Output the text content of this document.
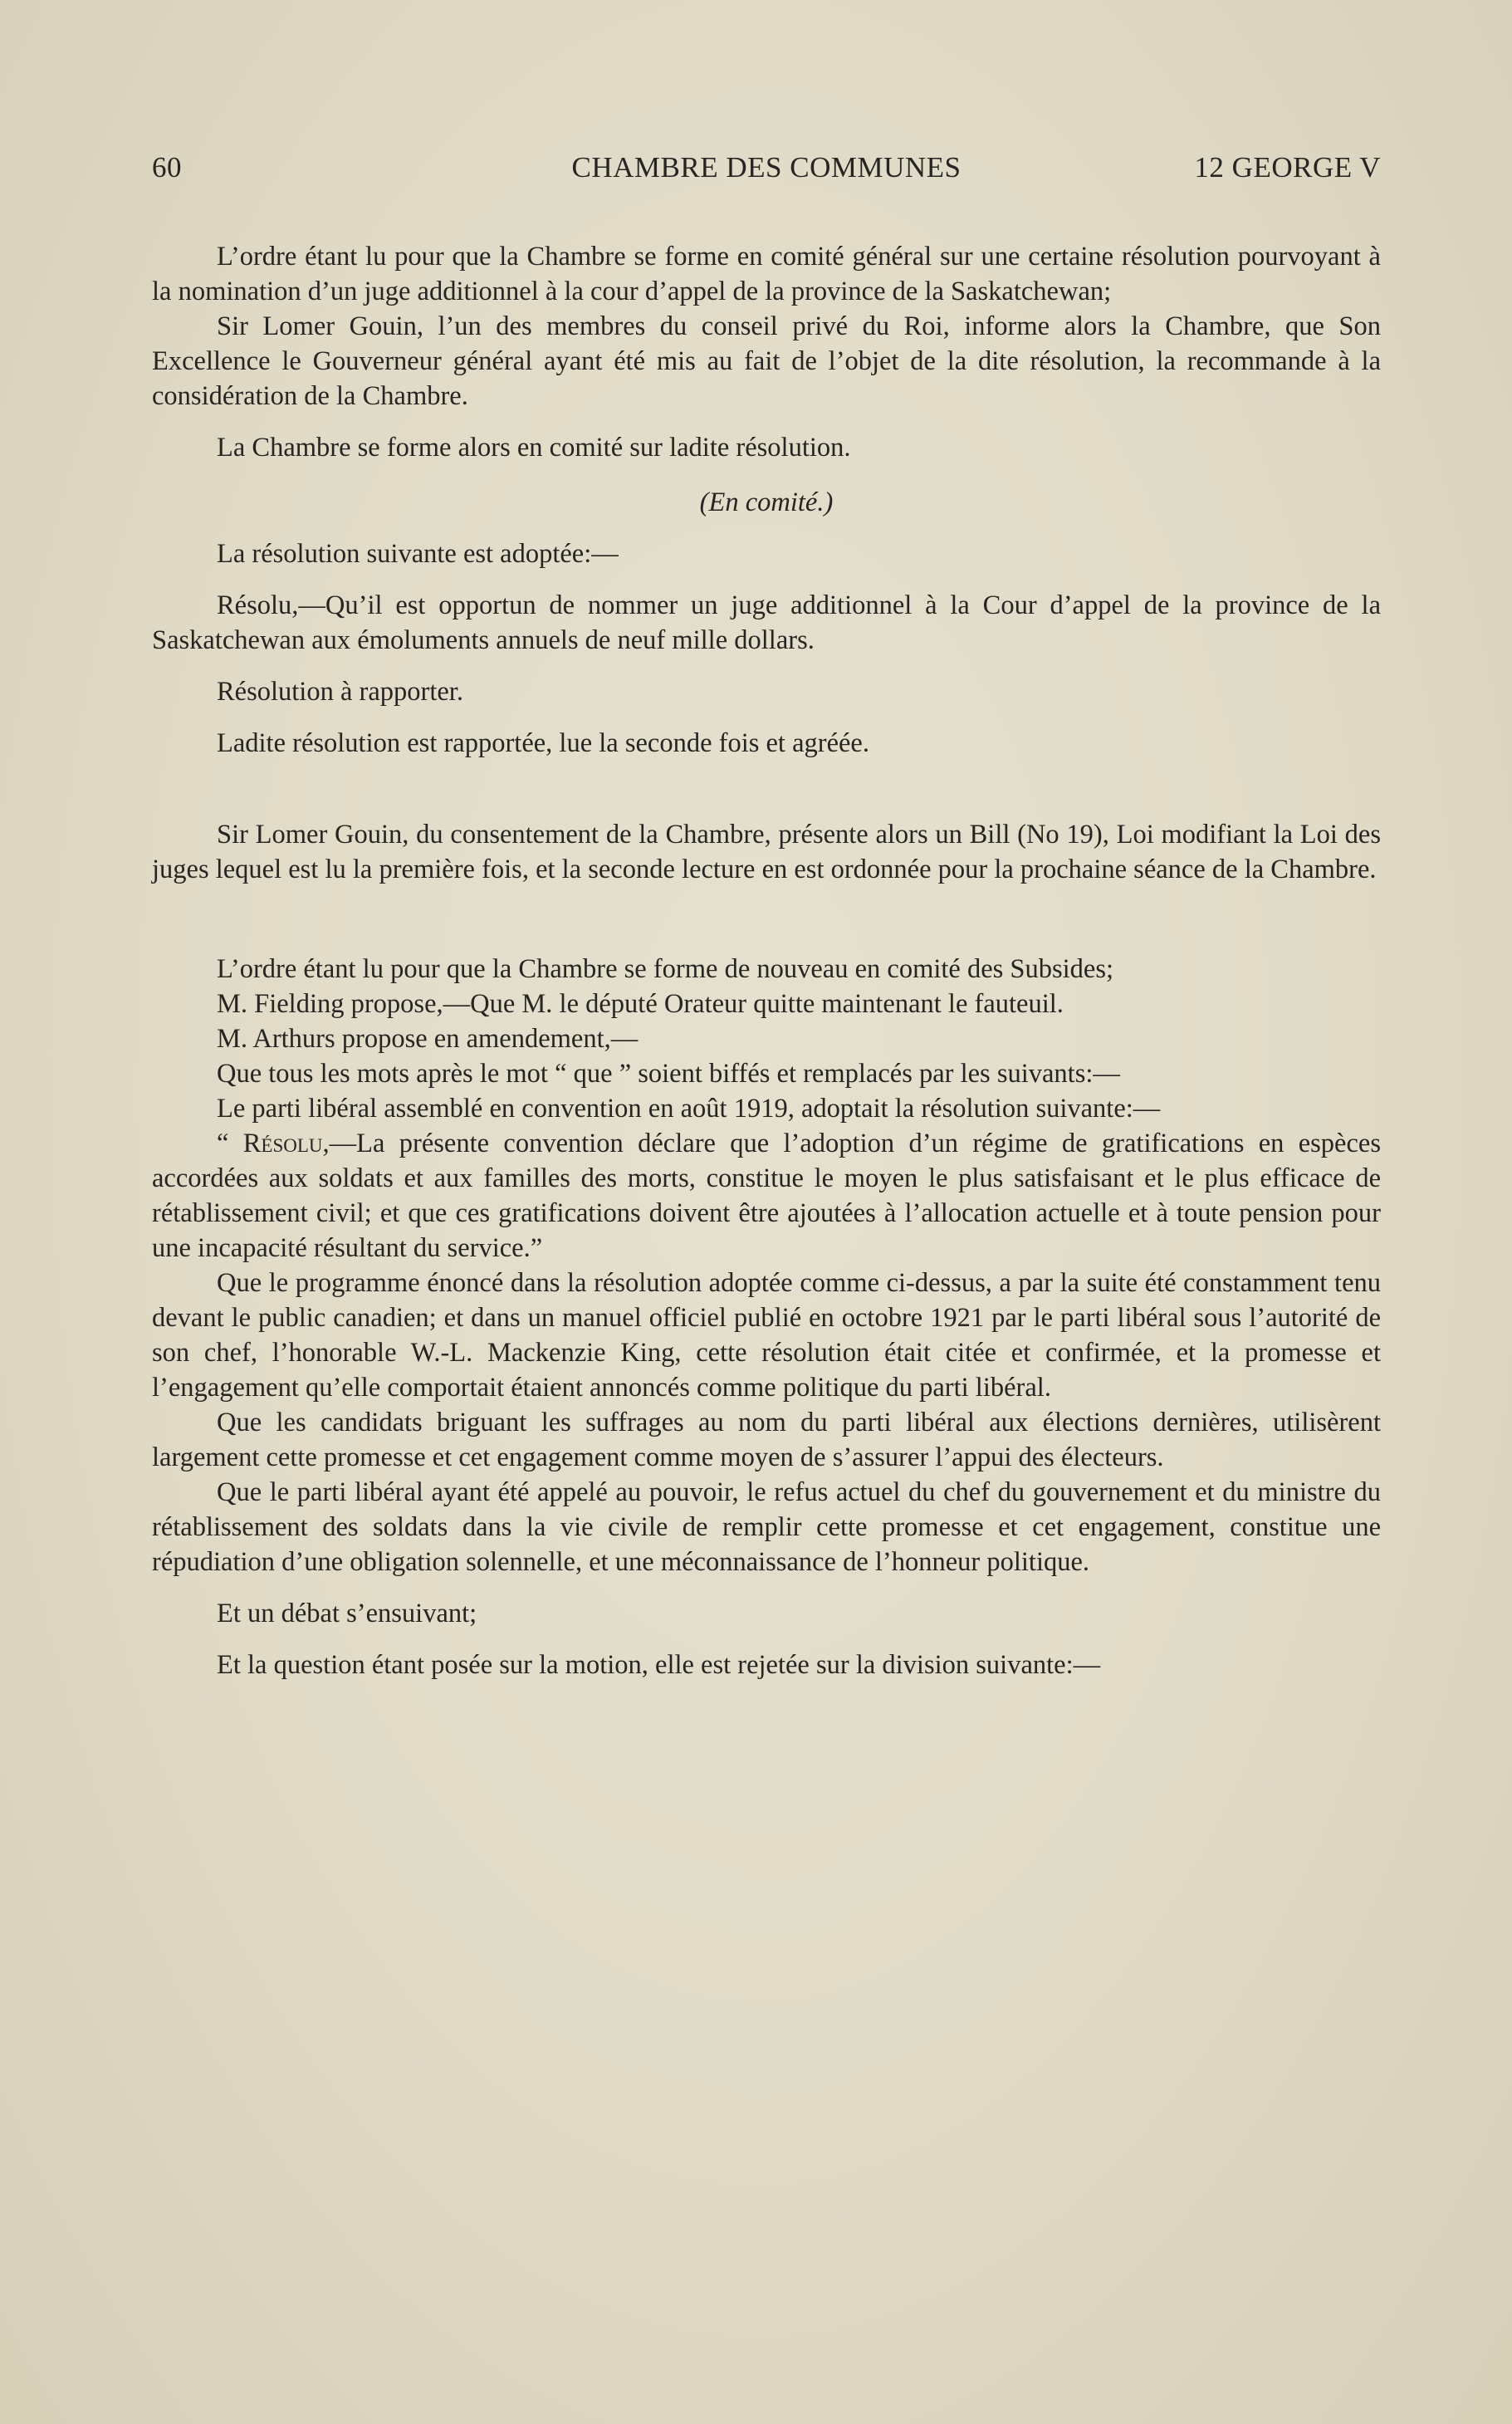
60	CHAMBRE DES COMMUNES	12 GEORGE V

L’ordre étant lu pour que la Chambre se forme en comité général sur une certaine résolution pourvoyant à la nomination d’un juge additionnel à la cour d’appel de la province de la Saskatchewan;

Sir Lomer Gouin, l’un des membres du conseil privé du Roi, informe alors la Chambre, que Son Excellence le Gouverneur général ayant été mis au fait de l’objet de la dite résolution, la recommande à la considération de la Chambre.

La Chambre se forme alors en comité sur ladite résolution.

(En comité.)

La résolution suivante est adoptée:—

Résolu,—Qu’il est opportun de nommer un juge additionnel à la Cour d’appel de la province de la Saskatchewan aux émoluments annuels de neuf mille dollars.

Résolution à rapporter.

Ladite résolution est rapportée, lue la seconde fois et agréée.

Sir Lomer Gouin, du consentement de la Chambre, présente alors un Bill (No 19), Loi modifiant la Loi des juges lequel est lu la première fois, et la seconde lecture en est ordonnée pour la prochaine séance de la Chambre.

L’ordre étant lu pour que la Chambre se forme de nouveau en comité des Subsides;

M. Fielding propose,—Que M. le député Orateur quitte maintenant le fauteuil.

M. Arthurs propose en amendement,—

Que tous les mots après le mot “ que ” soient biffés et remplacés par les suivants:—

Le parti libéral assemblé en convention en août 1919, adoptait la résolution suivante:—

“ Résolu,—La présente convention déclare que l’adoption d’un régime de gratifications en espèces accordées aux soldats et aux familles des morts, constitue le moyen le plus satisfaisant et le plus efficace de rétablissement civil; et que ces gratifications doivent être ajoutées à l’allocation actuelle et à toute pension pour une incapacité résultant du service.”

Que le programme énoncé dans la résolution adoptée comme ci-dessus, a par la suite été constamment tenu devant le public canadien; et dans un manuel officiel publié en octobre 1921 par le parti libéral sous l’autorité de son chef, l’honorable W.-L. Mackenzie King, cette résolution était citée et confirmée, et la promesse et l’engagement qu’elle comportait étaient annoncés comme politique du parti libéral.

Que les candidats briguant les suffrages au nom du parti libéral aux élections dernières, utilisèrent largement cette promesse et cet engagement comme moyen de s’assurer l’appui des électeurs.

Que le parti libéral ayant été appelé au pouvoir, le refus actuel du chef du gouvernement et du ministre du rétablissement des soldats dans la vie civile de remplir cette promesse et cet engagement, constitue une répudiation d’une obligation solennelle, et une méconnaissance de l’honneur politique.

Et un débat s’ensuivant;

Et la question étant posée sur la motion, elle est rejetée sur la division suivante:—
